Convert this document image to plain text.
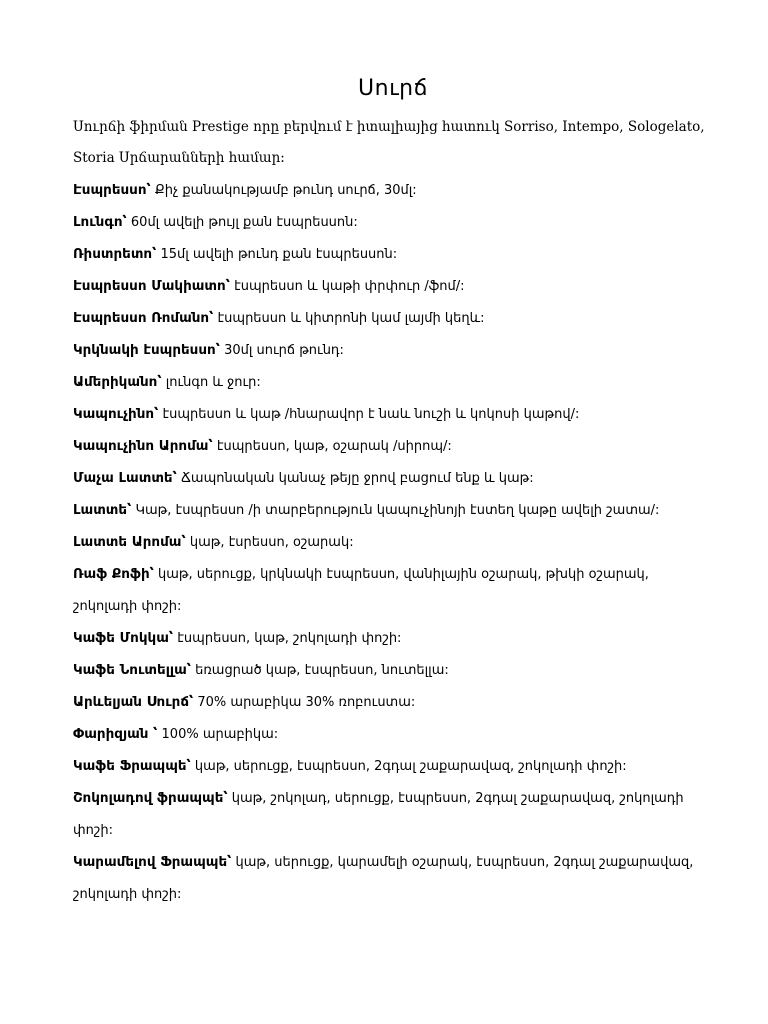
Սուրճ
Սուրճի ֆիրման Prestige որը բերվում է իտալիայից հատուկ Sorriso, Intempo, Sologelato, Storia Սրճարանների համար:
Էսպրեսսո՝ Քիչ քանակությամբ թունդ սուրճ, 30մլ:
Լունգո՝ 60մլ ավելի թույլ քան էսպրեսսոն:
Ռիստրետո՝ 15մլ ավելի թունդ քան էսպրեսսոն:
Էսպրեսսո Մակիատո՝ էսպրեսսո և կաթի փրփուր /ֆոմ/:
Էսպրեսսո Ռոմանո՝ էսպրեսսո և կիտրոնի կամ լայմի կեղև:
Կրկնակի էսպրեսսո՝ 30մլ սուրճ թունդ:
Ամերիկանո՝ լունգո և ջուր:
Կապուչինո՝ էսպրեսսո և կաթ /հնարավոր է նաև նուշի և կոկոսի կաթով/:
Կապուչինո Արոմա՝ էսպրեսսո, կաթ, օշարակ /սիրոպ/:
Մաչա Լատտե՝ Ճապոնական կանաչ թեյը ջրով բացում ենք և կաթ:
Լատտե՝ Կաթ, էսպրեսսո /ի տարբերություն կապուչինոյի էստեղ կաթը ավելի շատա/:
Լատտե Արոմա՝ կաթ, էսրեսսո, օշարակ:
Ռաֆ Քոֆի՝ կաթ, սերուցք, կրկնակի էսպրեսսո, վանիլային օշարակ, թխկի օշարակ, շոկոլադի փոշի:
Կաֆե Մոկկա՝ էսպրեսսո, կաթ, շոկոլադի փոշի:
Կաֆե Նուտելլա՝ եռացրած կաթ, էսպրեսսո, նուտելլա:
Արևելյան Սուրճ՝ 70% արաբիկա 30% ռոբուստա:
Փարիզյան ՝ 100% արաբիկա:
Կաֆե Ֆրապպե՝ կաթ, սերուցք, էսպրեսսո, 2գդալ շաքարավազ, շոկոլադի փոշի:
Շոկոլադով ֆրապպե՝ կաթ, շոկոլադ, սերուցք, էսպրեսսո, 2գդալ շաքարավազ, շոկոլադի փոշի:
Կարամելով Ֆրապպե՝ կաթ, սերուցք, կարամելի օշարակ, էսպրեսսո, 2գդալ շաքարավազ, շոկոլադի փոշի:
